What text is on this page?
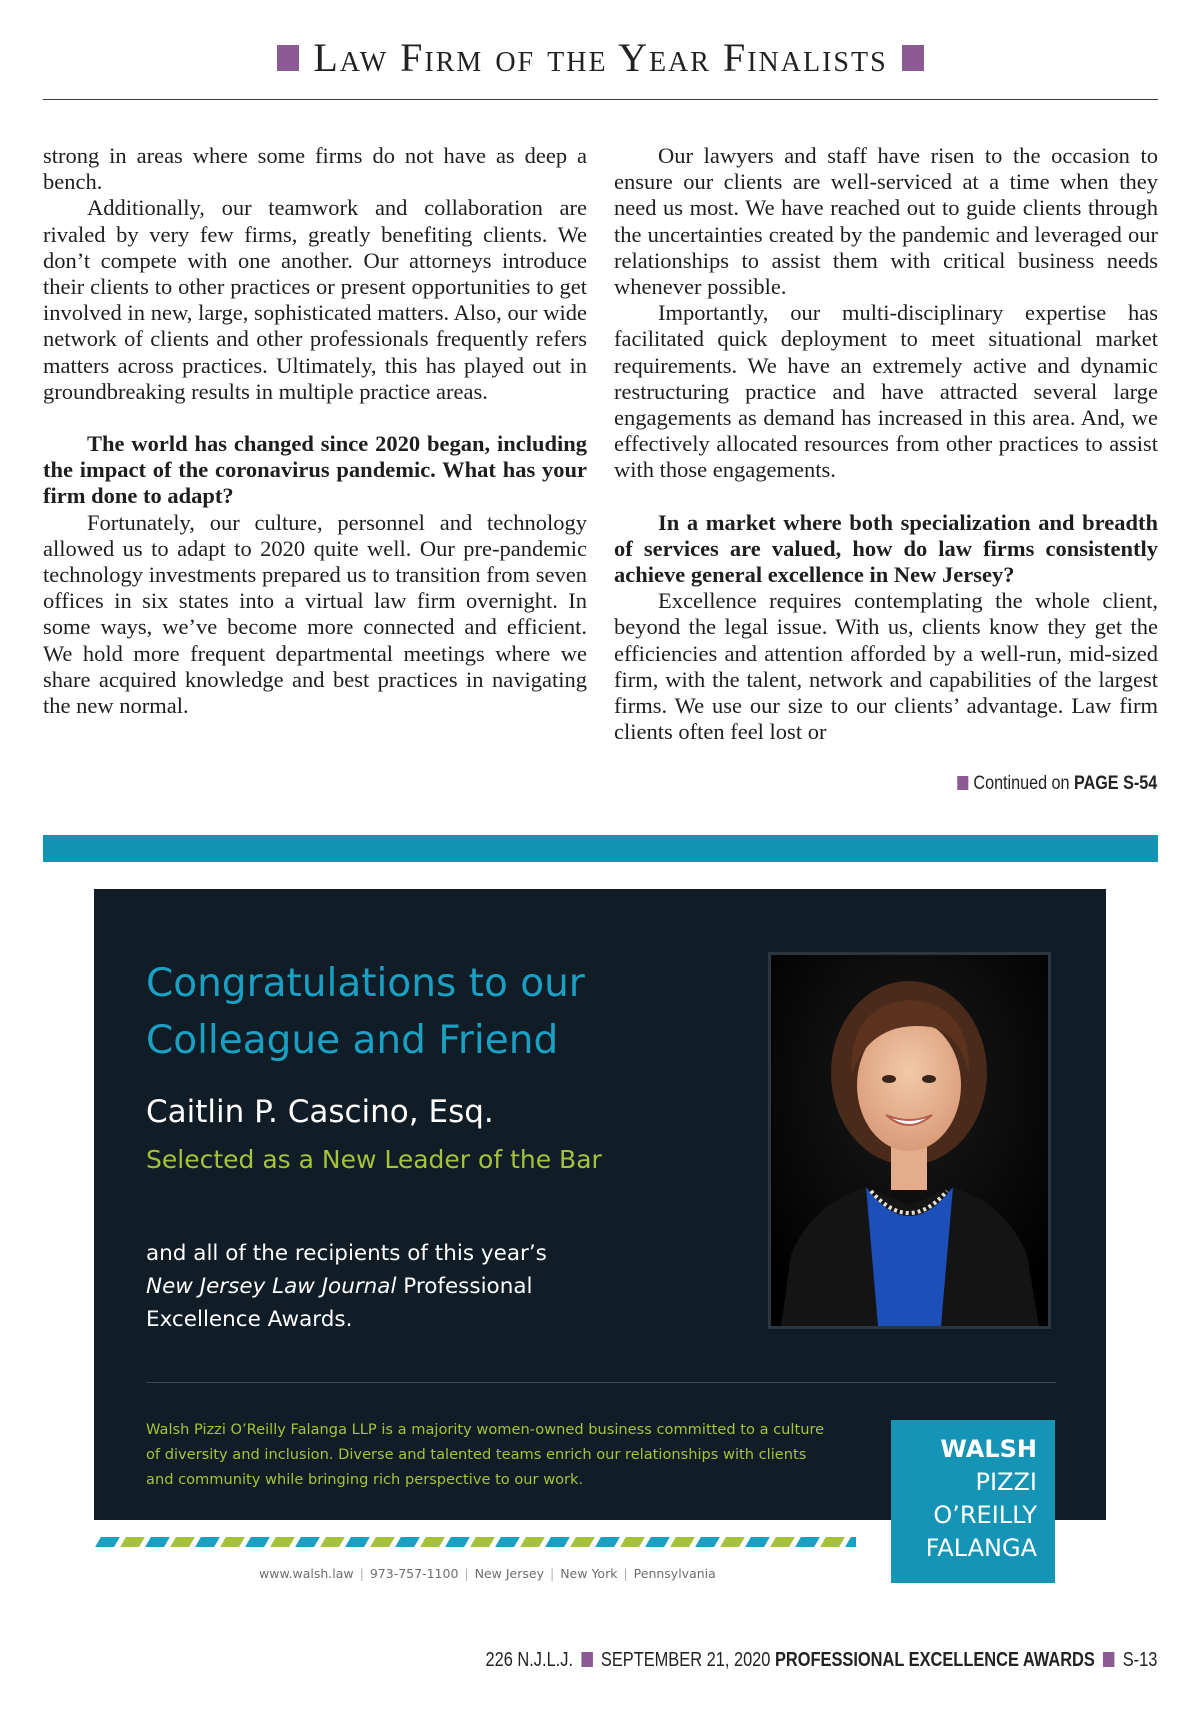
Law Firm of the Year Finalists

strong in areas where some firms do not have as deep a bench.

Additionally, our teamwork and collaboration are rivaled by very few firms, greatly benefiting clients. We don’t compete with one another. Our attorneys introduce their clients to other practices or present opportunities to get involved in new, large, sophisticated matters. Also, our wide network of clients and other professionals frequently refers matters across practices. Ultimately, this has played out in groundbreaking results in multiple practice areas.

The world has changed since 2020 began, including the impact of the coronavirus pandemic. What has your firm done to adapt?

Fortunately, our culture, personnel and technology allowed us to adapt to 2020 quite well. Our pre-pandemic technology investments prepared us to transition from seven offices in six states into a virtual law firm overnight. In some ways, we’ve become more connected and efficient. We hold more frequent departmental meetings where we share acquired knowledge and best practices in navigating the new normal.

Our lawyers and staff have risen to the occasion to ensure our clients are well-serviced at a time when they need us most. We have reached out to guide clients through the uncertainties created by the pandemic and leveraged our relationships to assist them with critical business needs whenever possible.

Importantly, our multi-disciplinary expertise has facilitated quick deployment to meet situational market requirements. We have an extremely active and dynamic restructuring practice and have attracted several large engagements as demand has increased in this area. And, we effectively allocated resources from other practices to assist with those engagements.

In a market where both specialization and breadth of services are valued, how do law firms consistently achieve general excellence in New Jersey?

Excellence requires contemplating the whole client, beyond the legal issue. With us, clients know they get the efficiencies and attention afforded by a well-run, mid-sized firm, with the talent, network and capabilities of the largest firms. We use our size to our clients’ advantage. Law firm clients often feel lost or

Continued on PAGE S-54
Congratulations to our
Colleague and Friend
Caitlin P. Cascino, Esq.
Selected as a New Leader of the Bar
and all of the recipients of this year’s
New Jersey Law Journal Professional Excellence Awards.
Walsh Pizzi O’Reilly Falanga LLP is a majority women-owned business committed to a culture of diversity and inclusion. Diverse and talented teams enrich our relationships with clients and community while bringing rich perspective to our work.
WALSH
PIZZI
O’REILLY
FALANGA
www.walsh.law | 973-757-1100 | New Jersey | New York | Pennsylvania
226 N.J.L.J. SEPTEMBER 21, 2020 PROFESSIONAL EXCELLENCE AWARDS S-13
